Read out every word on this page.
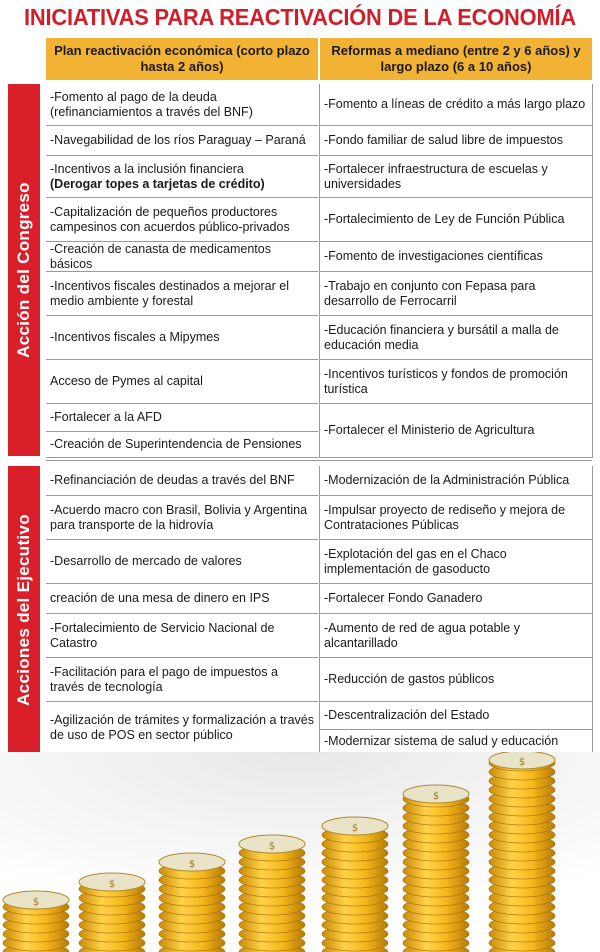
INICIATIVAS PARA REACTIVACIÓN DE LA ECONOMÍA
Plan reactivación económica (corto plazo hasta 2 años)
Reformas a mediano (entre 2 y 6 años) y largo plazo (6 a 10 años)
Acción del Congreso
-Fomento al pago de la deuda (refinanciamientos a través del BNF)
-Navegabilidad de los ríos Paraguay – Paraná
-Incentivos a la inclusión financiera
(Derogar topes a tarjetas de crédito)
-Capitalización de pequeños productores campesinos con acuerdos público-privados
-Creación de canasta de medicamentos básicos
-Incentivos fiscales destinados a mejorar el medio ambiente y forestal
-Incentivos fiscales a Mipymes
Acceso de Pymes al capital
-Fortalecer a la AFD
-Creación de Superintendencia de Pensiones
-Fomento a líneas de crédito a más largo plazo
-Fondo familiar de salud libre de impuestos
-Fortalecer infraestructura de escuelas y universidades
-Fortalecimiento de Ley de Función Pública
-Fomento de investigaciones científicas
-Trabajo en conjunto con Fepasa para desarrollo de Ferrocarril
-Educación financiera y bursátil a malla de educación media
-Incentivos turísticos y fondos de promoción turística
-Fortalecer el Ministerio de Agricultura
Acciones del Ejecutivo
-Refinanciación de deudas a través del BNF
-Acuerdo macro con Brasil, Bolivia y Argentina para transporte de la hidrovía
-Desarrollo de mercado de valores
creación de una mesa de dinero en IPS
-Fortalecimiento de Servicio Nacional de Catastro
-Facilitación para el pago de impuestos a través de tecnología
-Agilización de trámites y formalización a través de uso de POS en sector público
-Modernización de la Administración Pública
-Impulsar proyecto de rediseño y mejora de Contrataciones Públicas
-Explotación del gas en el Chaco implementación de gasoducto
-Fortalecer Fondo Ganadero
-Aumento de red de agua potable y alcantarillado
-Reducción de gastos públicos
-Descentralización del Estado
-Modernizar sistema de salud y educación
$
$
$
$
$
$
$
